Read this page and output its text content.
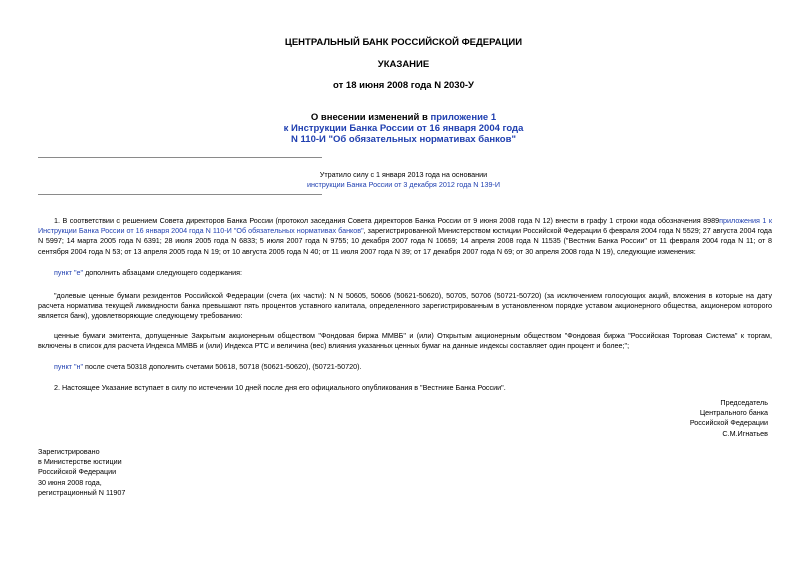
ЦЕНТРАЛЬНЫЙ БАНК РОССИЙСКОЙ ФЕДЕРАЦИИ
УКАЗАНИЕ
от 18 июня 2008 года N 2030-У
О внесении изменений в приложение 1
к Инструкции Банка России от 16 января 2004 года
N 110-И "Об обязательных нормативах банков"
Утратило силу с 1 января 2013 года на основании
инструкции Банка России от 3 декабря 2012 года N 139-И
1. В соответствии с решением Совета директоров Банка России (протокол заседания Совета директоров Банка России от 9 июня 2008 года N 12) внести в графу 1 строки кода обозначения 8989приложения 1 к Инструкции Банка России от 16 января 2004 года N 110-И "Об обязательных нормативах банков", зарегистрированной Министерством юстиции Российской Федерации 6 февраля 2004 года N 5529; 27 августа 2004 года N 5997; 14 марта 2005 года N 6391; 28 июля 2005 года N 6833; 5 июля 2007 года N 9755; 10 декабря 2007 года N 10659; 14 апреля 2008 года N 11535 ("Вестник Банка России" от 11 февраля 2004 года N 11; от 8 сентября 2004 года N 53; от 13 апреля 2005 года N 19; от 10 августа 2005 года N 40; от 11 июля 2007 года N 39; от 17 декабря 2007 года N 69; от 30 апреля 2008 года N 19), следующие изменения:
пункт "е" дополнить абзацами следующего содержания:
"долевые ценные бумаги резидентов Российской Федерации (счета (их части): N N 50605, 50606 (50621-50620), 50705, 50706 (50721-50720) (за исключением голосующих акций, вложения в которые на дату расчета норматива текущей ликвидности банка превышают пять процентов уставного капитала, определенного зарегистрированным в установленном порядке уставом акционерного общества, акционером которого является банк), удовлетворяющие следующему требованию:
ценные бумаги эмитента, допущенные Закрытым акционерным обществом "Фондовая биржа ММВБ" и (или) Открытым акционерным обществом "Фондовая биржа "Российская Торговая Система" к торгам, включены в список для расчета Индекса ММВБ и (или) Индекса РТС и величина (вес) влияния указанных ценных бумаг на данные индексы составляет один процент и более;";
пункт "н" после счета 50318 дополнить счетами 50618, 50718 (50621-50620), (50721-50720).
2. Настоящее Указание вступает в силу по истечении 10 дней после дня его официального опубликования в "Вестнике Банка России".
Председатель
Центрального банка
Российской Федерации
С.М.Игнатьев
Зарегистрировано
в Министерстве юстиции
Российской Федерации
30 июня 2008 года,
регистрационный N 11907
